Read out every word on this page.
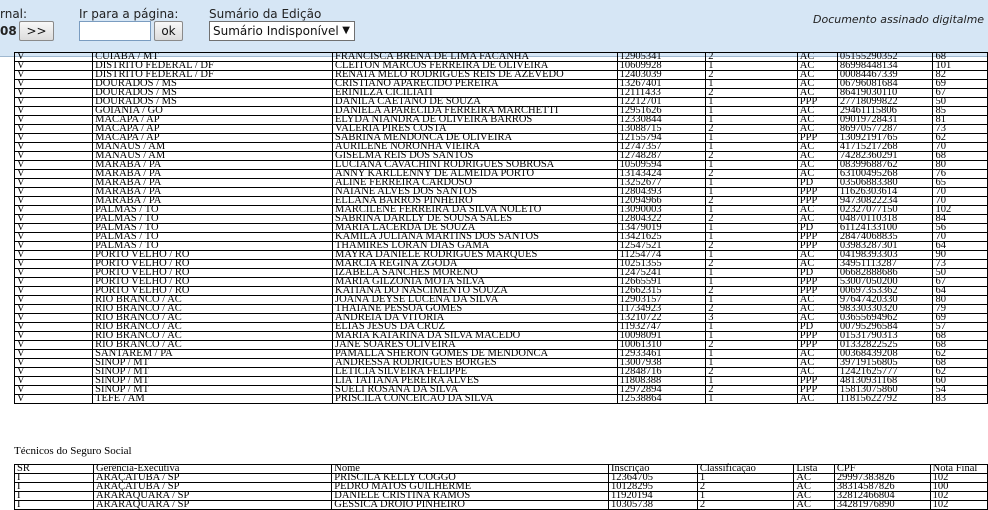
rnal:
08 >>
Ir para a página:
ok
Sumário da Edição
Sumário Indisponível ▼
Documento assinado digitalme
V	CUIABA / MT	FRANCISCA BRENA DE LIMA FACANHA	12905341	2	AC	05155290352	68
V	DISTRITO FEDERAL / DF	CLEITON MARCOS FERREIRA DE OLIVEIRA	10609928	1	AC	86998448134	101
V	DISTRITO FEDERAL / DF	RENATA MELO RODRIGUES REIS DE AZEVEDO	12403039	2	AC	00084467339	82
V	DOURADOS / MS	CRISTIANO APARECIDO PEREIRA	13267401	1	AC	06796081684	69
V	DOURADOS / MS	ERINILZA CICILIATI	12111433	2	AC	86419030110	67
V	DOURADOS / MS	DANILA CAETANO DE SOUZA	12212701	1	PPP	27718099822	50
V	GOIANIA / GO	DANIELA APARECIDA FERREIRA MARCHETTI	12951626	1	AC	29461115806	85
V	MACAPA / AP	ELYDA NIANDRA DE OLIVEIRA BARROS	12330844	1	AC	09019728431	81
V	MACAPA / AP	VALERIA PIRES COSTA	13088715	2	AC	86970577287	73
V	MACAPA / AP	SABRINA MENDONCA DE OLIVEIRA	12155794	1	PPP	13092191765	62
V	MANAUS / AM	AURILENE NORONHA VIEIRA	12747357	1	AC	41715217268	70
V	MANAUS / AM	GISELMA REIS DOS SANTOS	12748287	2	AC	74282360291	68
V	MARABA / PA	LUCIANA CAVACHINI RODRIGUES SOBROSA	10509594	1	AC	08399688762	80
V	MARABA / PA	ANNY KARLLENNY DE ALMEIDA PORTO	13143424	2	AC	63100495268	76
V	MARABA / PA	ALINE FERREIRA CARDOSO	13252677	1	PD	03506883380	65
V	MARABA / PA	NAIANE ALVES DOS SANTOS	12804393	1	PPP	11626303614	70
V	MARABA / PA	ELLANA BARROS PINHEIRO	12094966	2	PPP	94730822234	70
V	PALMAS / TO	MARCILENE FERREIRA DA SILVA NOLETO	13090003	1	AC	02327077150	102
V	PALMAS / TO	SABRINA DARLLY DE SOUSA SALES	12804322	2	AC	04870110318	84
V	PALMAS / TO	MARIA LACERDA DE SOUZA	13479019	1	PD	61124133100	56
V	PALMAS / TO	KAMILA JULIANA MARTINS DOS SANTOS	13421625	1	PPP	28474068835	70
V	PALMAS / TO	THAMIRES LORAN DIAS GAMA	12547521	2	PPP	03983287301	64
V	PORTO VELHO / RO	MAYRA DANIELE RODRIGUES MARQUES	11254774	1	AC	04198393303	90
V	PORTO VELHO / RO	MARCIA REGINA ZGODA	10251355	2	AC	34951113287	73
V	PORTO VELHO / RO	IZABELA SANCHES MORENO	12475241	1	PD	06682888686	50
V	PORTO VELHO / RO	MARIA GILZONIA MOTA SILVA	12665591	1	PPP	53007050200	67
V	PORTO VELHO / RO	KATIANA DO NASCIMENTO SOUZA	12662315	2	PPP	00697353362	64
V	RIO BRANCO / AC	JOANA DEYSE LUCENA DA SILVA	12903157	1	AC	97647420330	80
V	RIO BRANCO / AC	THAIANE PESSOA GOMES	11734923	2	AC	98330330320	79
V	RIO BRANCO / AC	ANDREIA DA VITORIA	13210722	3	AC	03655694962	69
V	RIO BRANCO / AC	ELIAS JESUS DA CRUZ	11932747	1	PD	00795296584	57
V	RIO BRANCO / AC	MARIA KATARINA DA SILVA MACEDO	10098091	1	PPP	01531790313	68
V	RIO BRANCO / AC	JANE SOARES OLIVEIRA	10061310	2	PPP	01332822525	68
V	SANTAREM / PA	PAMALLA SHERON GOMES DE MENDONCA	12933461	1	AC	00368439208	62
V	SINOP / MT	ANDRESSA RODRIGUES BORGES	13007938	1	AC	39719156805	68
V	SINOP / MT	LETICIA SILVEIRA FELIPPE	12848716	2	AC	12421625777	62
V	SINOP / MT	LIA TATIANA PEREIRA ALVES	11808388	1	PPP	48130931168	60
V	SINOP / MT	SUELI ROSANA DA SILVA	12972894	2	PPP	15813075860	54
V	TEFE / AM	PRISCILA CONCEICAO DA SILVA	12538864	1	AC	11815622792	83
Técnicos do Seguro Social
SR	Gerência-Executiva	Nome	Inscrição	Classificação	Lista	CPF	Nota Final
I	ARAÇATUBA / SP	PRISCILA KELLY COGGO	12364705	1	AC	29997383826	102
I	ARAÇATUBA / SP	PEDRO MATOS GUILHERME	10128295	2	AC	38314587826	100
I	ARARAQUARA / SP	DANIELE CRISTINA RAMOS	11920194	1	AC	32812466804	102
I	ARARAQUARA / SP	GESSICA DROIO PINHEIRO	10305738	2	AC	34281976890	102
